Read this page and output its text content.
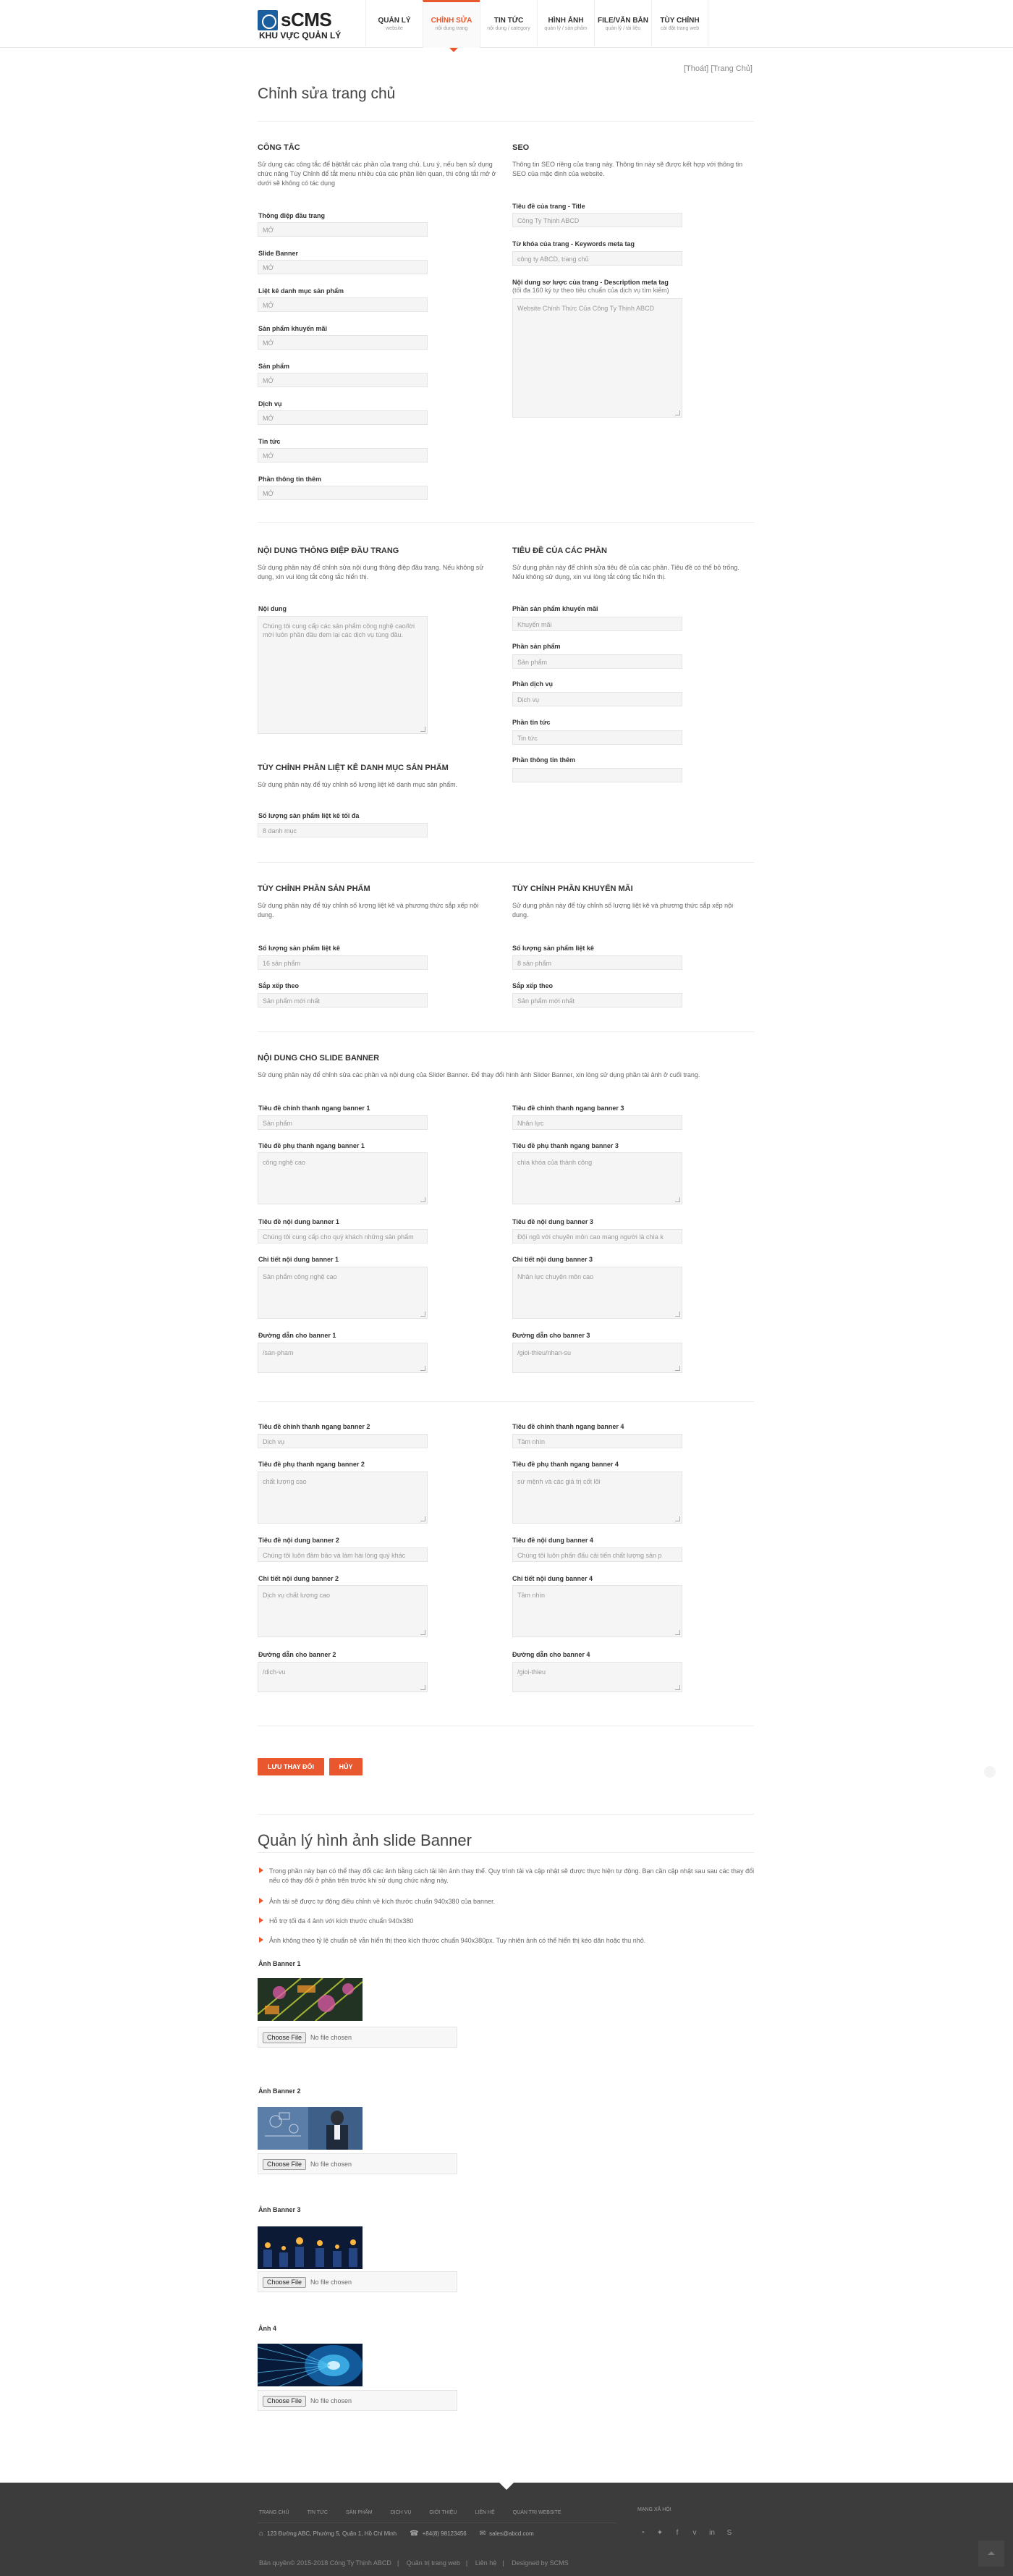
sCMS
KHU VỰC QUẢN LÝ
QUẢN LÝ
website
CHỈNH SỬA
nội dung trang
TIN TỨC
nội dung / category
HÌNH ẢNH
quản lý / sản phẩm
FILE/VĂN BẢN
quản lý / tài liệu
TÙY CHỈNH
cài đặt trang web
[Thoát] [Trang Chủ]
Chỉnh sửa trang chủ
CÔNG TẮC

Sử dụng các công tắc để bật/tắt các phần của trang chủ. Lưu ý, nếu bạn sử dụng chức năng Tùy Chỉnh để tắt menu nhiều của các phần liên quan, thì công tắt mở ở dưới sẽ không có tác dụng

Thông điệp đầu trang
MỞ
Slide Banner
MỞ
Liệt kê danh mục sản phẩm
MỞ
Sản phẩm khuyến mãi
MỞ
Sản phẩm
MỞ
Dịch vụ
MỞ
Tin tức
MỞ
Phần thông tin thêm
MỞ
SEO

Thông tin SEO riêng của trang này. Thông tin này sẽ được kết hợp với thông tin SEO của mặc định của website.

Tiêu đề của trang - Title
Công Ty Thịnh ABCD
Từ khóa của trang - Keywords meta tag
công ty ABCD, trang chủ
Nội dung sơ lược của trang - Description meta tag
(tối đa 160 ký tự theo tiêu chuẩn của dịch vụ tìm kiếm)
Website Chính Thức Của Công Ty Thịnh ABCD
NỘI DUNG THÔNG ĐIỆP ĐẦU TRANG

Sử dụng phần này để chỉnh sửa nội dung thông điệp đầu trang. Nếu không sử dụng, xin vui lòng tắt công tắc hiển thị.

Nội dung
Chúng tôi cung cấp các sản phẩm công nghệ cao/lời mời luôn phần đầu đem lại các dịch vụ tùng đầu.
TIÊU ĐỀ CỦA CÁC PHẦN

Sử dụng phần này để chỉnh sửa tiêu đề của các phần. Tiêu đề có thể bỏ trống. Nếu không sử dụng, xin vui lòng tắt công tắc hiển thị.

Phần sản phẩm khuyến mãi
Khuyến mãi
Phần sản phẩm
Sản phẩm
Phần dịch vụ
Dịch vụ
Phần tin tức
Tin tức
Phần thông tin thêm
TÙY CHỈNH PHẦN LIỆT KÊ DANH MỤC SẢN PHẨM

Sử dụng phần này để tùy chỉnh số lượng liệt kê danh mục sản phẩm.

Số lượng sản phẩm liệt kê tối đa
8 danh mục
TÙY CHỈNH PHẦN SẢN PHẨM

Sử dụng phần này để tùy chỉnh số lượng liệt kê và phương thức sắp xếp nội dung.

Số lượng sản phẩm liệt kê
16 sản phẩm
Sắp xếp theo
Sản phẩm mới nhất
TÙY CHỈNH PHẦN KHUYẾN MÃI

Sử dụng phần này để tùy chỉnh số lượng liệt kê và phương thức sắp xếp nội dung.

Số lượng sản phẩm liệt kê
8 sản phẩm
Sắp xếp theo
Sản phẩm mới nhất
NỘI DUNG CHO SLIDE BANNER

Sử dụng phần này để chỉnh sửa các phần và nội dung của Slider Banner. Để thay đổi hình ảnh Slider Banner, xin lòng sử dụng phần tài ảnh ở cuối trang.

Tiêu đề chính thanh ngang banner 1
Sản phẩm
Tiêu đề phụ thanh ngang banner 1
công nghệ cao
Tiêu đề nội dung banner 1
Chúng tôi cung cấp cho quý khách những sản phẩm
Chi tiết nội dung banner 1
Sản phẩm công nghệ cao
Đường dẫn cho banner 1
/san-pham
Tiêu đề chính thanh ngang banner 3
Nhân lực
Tiêu đề phụ thanh ngang banner 3
chìa khóa của thành công
Tiêu đề nội dung banner 3
Đội ngũ với chuyên môn cao mang người là chìa k
Chi tiết nội dung banner 3
Nhân lực chuyên môn cao
Đường dẫn cho banner 3
/gioi-thieu/nhan-su
Tiêu đề chính thanh ngang banner 2
Dịch vụ
Tiêu đề phụ thanh ngang banner 2
chất lượng cao
Tiêu đề nội dung banner 2
Chúng tôi luôn đảm bảo và làm hài lòng quý khác
Chi tiết nội dung banner 2
Dịch vụ chất lượng cao
Đường dẫn cho banner 2
/dich-vu
Tiêu đề chính thanh ngang banner 4
Tầm nhìn
Tiêu đề phụ thanh ngang banner 4
sứ mệnh và các giá trị cốt lõi
Tiêu đề nội dung banner 4
Chúng tôi luôn phấn đấu cải tiến chất lượng sản p
Chi tiết nội dung banner 4
Tầm nhìn
Đường dẫn cho banner 4
/gioi-thieu
LƯU THAY ĐỔI	HỦY
Quản lý hình ảnh slide Banner
Trong phần này bạn có thể thay đổi các ảnh bằng cách tải lên ảnh thay thế. Quy trình tải và cập nhật sẽ được thực hiện tự động. Bạn cần cập nhật sau sau các thay đổi nếu có thay đổi ở phần trên trước khi sử dụng chức năng này.
Ảnh tải sẽ được tự động điều chỉnh về kích thước chuẩn 940x380 của banner.
Hỗ trợ tối đa 4 ảnh với kích thước chuẩn 940x380
Ảnh không theo tỷ lệ chuẩn sẽ vẫn hiển thị theo kích thước chuẩn 940x380px. Tuy nhiên ảnh có thể hiển thị kéo dãn hoặc thu nhỏ.
Ảnh Banner 1
Choose File	No file chosen
Ảnh Banner 2
Choose File	No file chosen
Ảnh Banner 3
Choose File	No file chosen
Ảnh 4
Choose File	No file chosen
TRANG CHỦ	TIN TỨC	SẢN PHẨM	DỊCH VỤ	GIỚI THIỆU	LIÊN HỆ	QUẢN TRỊ WEBSITE
⌂ 123 Đường ABC, Phường 5, Quận 1, Hồ Chí Minh ☎ +84(8) 98123456 ✉ sales@abcd.com
Bản quyền© 2015-2018 Công Ty Thịnh ABCD | Quản trị trang web | Liên hệ | Designed by SCMS
MẠNG XÃ HỘI
◔ ✦	f	v in S
